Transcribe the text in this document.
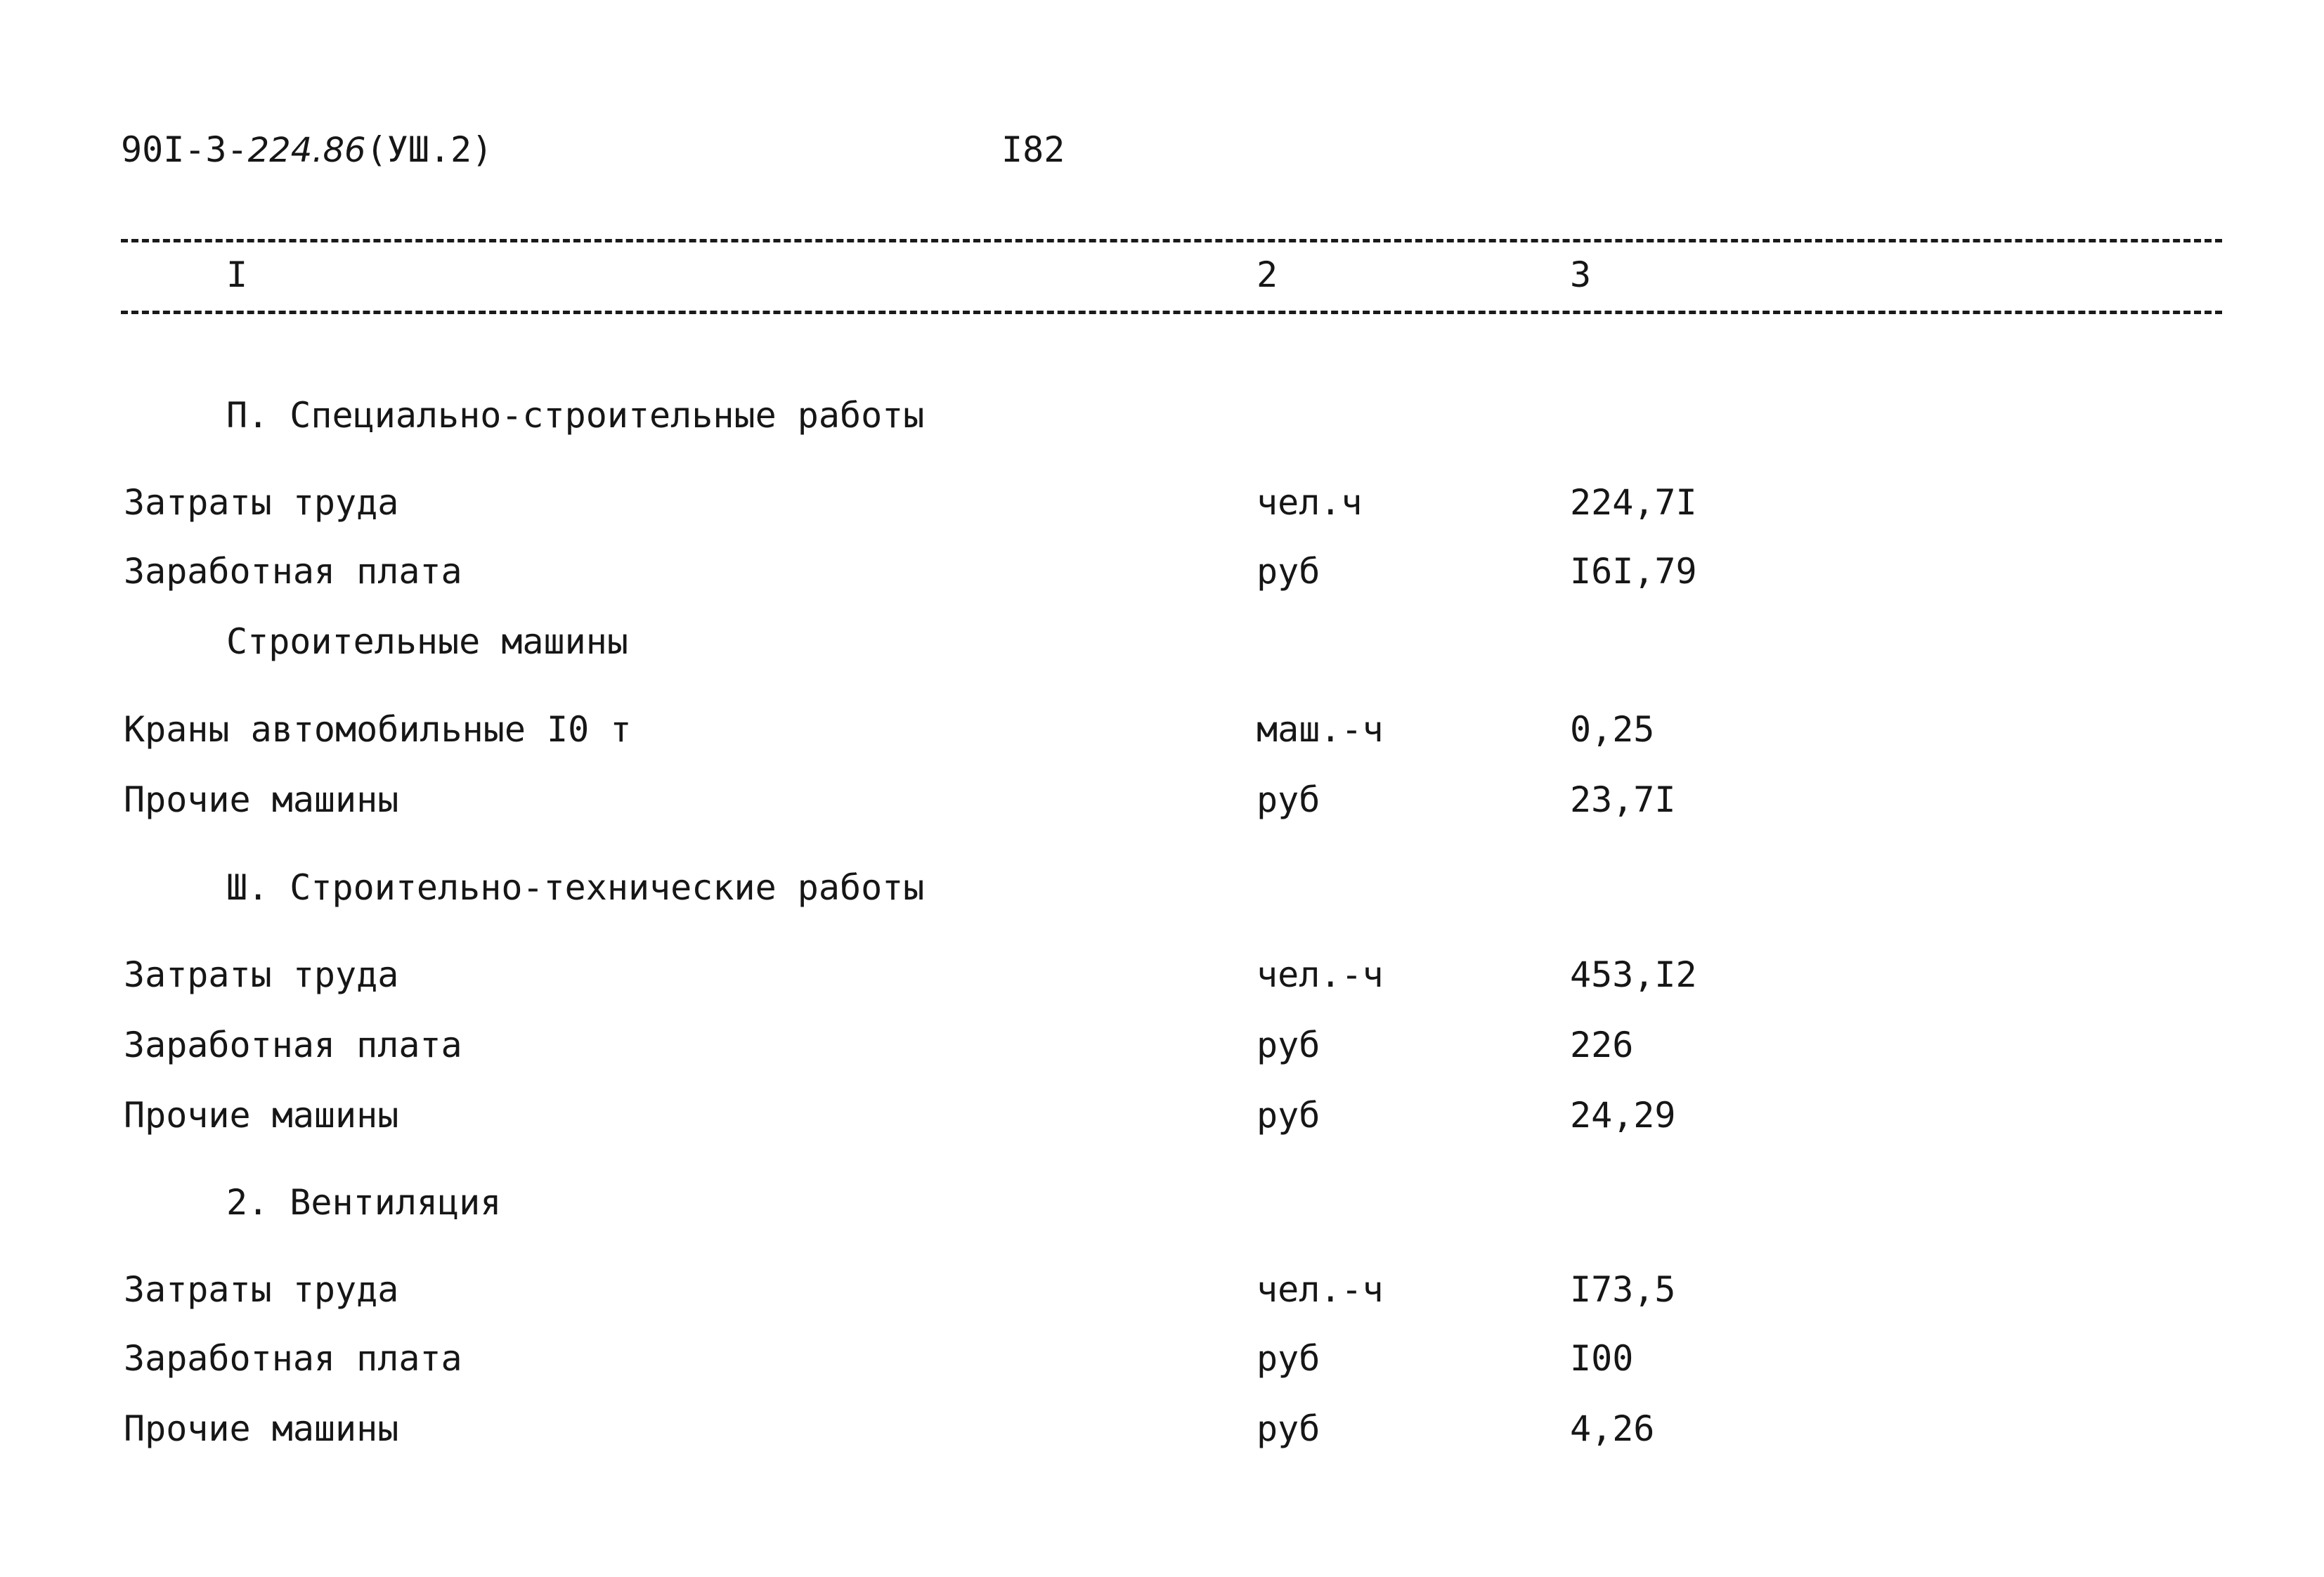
90I-3-224.86(УШ.2)	I82
I	2	3
П. Специально-строительные работы
Затраты труда	чел.ч	224,7I
Заработная плата	руб	I6I,79
Строительные машины
Краны автомобильные I0 т	маш.-ч	0,25
Прочие машины	руб	23,7I
Ш. Строительно-технические работы
Затраты труда	чел.-ч	453,I2
Заработная плата	руб	226
Прочие машины	руб	24,29
2. Вентиляция
Затраты труда	чел.-ч	I73,5
Заработная плата	руб	I00
Прочие машины	руб	4,26
